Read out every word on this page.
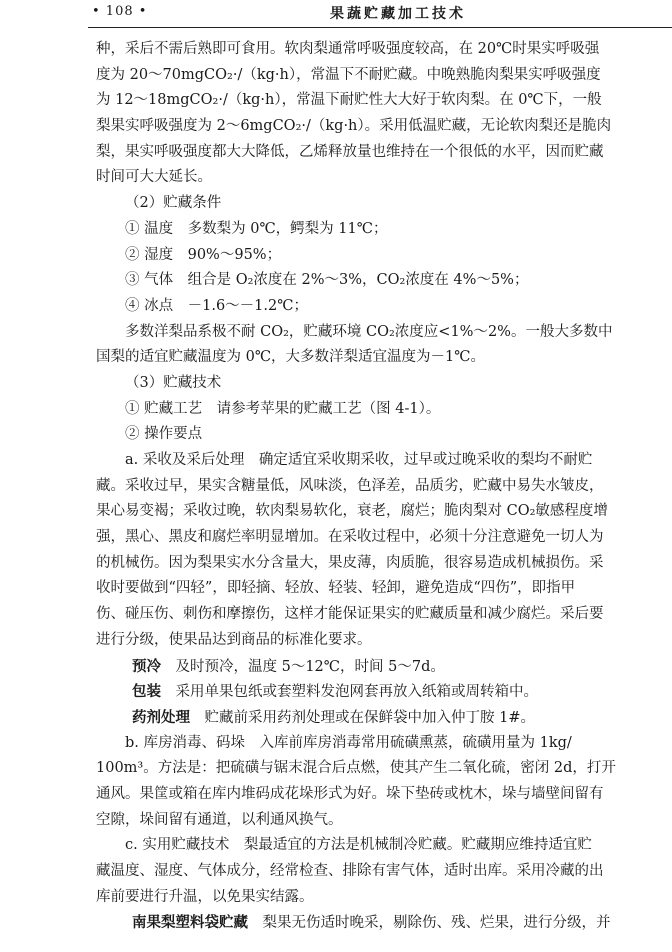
• 108 •	果蔬贮藏加工技术
种，采后不需后熟即可食用。软肉梨通常呼吸强度较高，在 20℃时果实呼吸强
度为 20～70mgCO₂·/（kg·h），常温下不耐贮藏。中晚熟脆肉梨果实呼吸强度
为 12～18mgCO₂·/（kg·h），常温下耐贮性大大好于软肉梨。在 0℃下，一般
梨果实呼吸强度为 2～6mgCO₂·/（kg·h）。采用低温贮藏，无论软肉梨还是脆肉
梨，果实呼吸强度都大大降低，乙烯释放量也维持在一个很低的水平，因而贮藏
时间可大大延长。
（2）贮藏条件
① 温度　多数梨为 0℃，鳄梨为 11℃；
② 湿度　90%～95%；
③ 气体　组合是 O₂浓度在 2%～3%，CO₂浓度在 4%～5%；
④ 冰点　－1.6～－1.2℃；
多数洋梨品系极不耐 CO₂，贮藏环境 CO₂浓度应<1%～2%。一般大多数中
国梨的适宜贮藏温度为 0℃，大多数洋梨适宜温度为－1℃。
（3）贮藏技术
① 贮藏工艺　请参考苹果的贮藏工艺（图 4-1）。
② 操作要点
a. 采收及采后处理　确定适宜采收期采收，过早或过晚采收的梨均不耐贮
藏。采收过早，果实含糖量低，风味淡，色泽差，品质劣，贮藏中易失水皱皮，
果心易变褐；采收过晚，软肉梨易软化，衰老，腐烂；脆肉梨对 CO₂敏感程度增
强，黑心、黑皮和腐烂率明显增加。在采收过程中，必须十分注意避免一切人为
的机械伤。因为梨果实水分含量大，果皮薄，肉质脆，很容易造成机械损伤。采
收时要做到“四轻”，即轻摘、轻放、轻装、轻卸，避免造成“四伤”，即指甲
伤、碰压伤、刺伤和摩擦伤，这样才能保证果实的贮藏质量和减少腐烂。采后要
进行分级，使果品达到商品的标准化要求。
预冷　及时预冷，温度 5～12℃，时间 5～7d。
包装　采用单果包纸或套塑料发泡网套再放入纸箱或周转箱中。
药剂处理　贮藏前采用药剂处理或在保鲜袋中加入仲丁胺 1#。
b. 库房消毒、码垛　入库前库房消毒常用硫磺熏蒸，硫磺用量为 1kg/
100m³。方法是：把硫磺与锯末混合后点燃，使其产生二氧化硫，密闭 2d，打开
通风。果筐或箱在库内堆码成花垛形式为好。垛下垫砖或枕木，垛与墙壁间留有
空隙，垛间留有通道，以利通风换气。
c. 实用贮藏技术　梨最适宜的方法是机械制冷贮藏。贮藏期应维持适宜贮
藏温度、湿度、气体成分，经常检查、排除有害气体，适时出库。采用冷藏的出
库前要进行升温，以免果实结露。
南果梨塑料袋贮藏　梨果无伤适时晚采，剔除伤、残、烂果，进行分级，并
